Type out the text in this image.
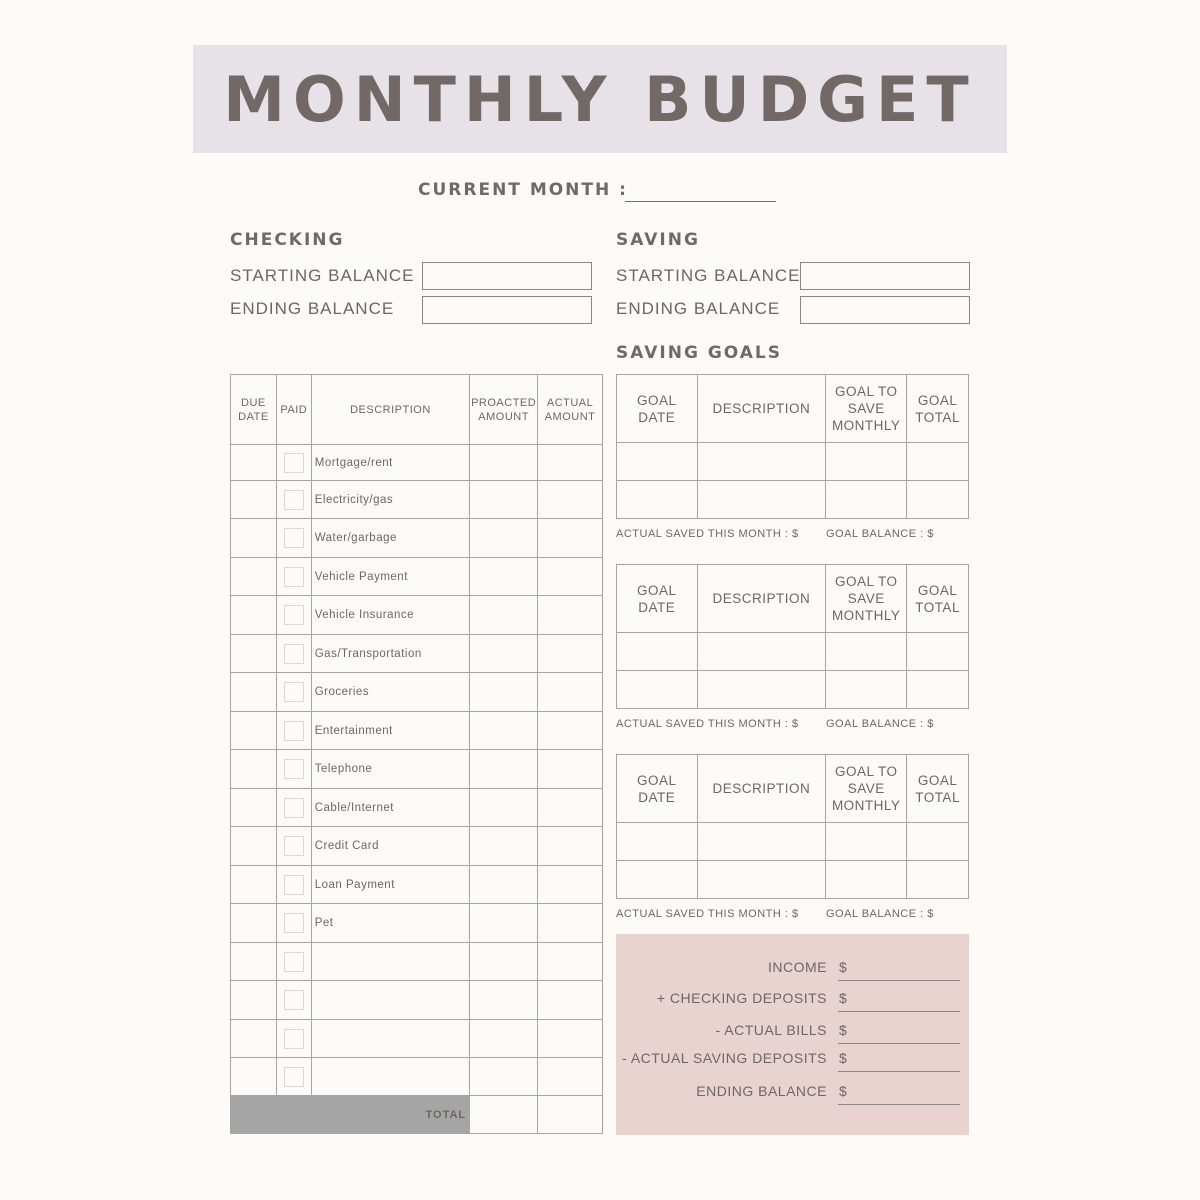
MONTHLY BUDGET
CURRENT MONTH :
CHECKING
STARTING BALANCE
ENDING BALANCE
SAVING
STARTING BALANCE
ENDING BALANCE
SAVING GOALS
DUE DATE	PAID	DESCRIPTION	PROACTED AMOUNT	ACTUAL AMOUNT
		Mortgage/rent		
		Electricity/gas		
		Water/garbage		
		Vehicle Payment		
		Vehicle Insurance		
		Gas/Transportation		
		Groceries		
		Entertainment		
		Telephone		
		Cable/Internet		
		Credit Card		
		Loan Payment		
		Pet		

TOTAL				
GOAL DATE	DESCRIPTION	GOAL TO SAVE MONTHLY	GOAL TOTAL

ACTUAL SAVED THIS MONTH : $ GOAL BALANCE : $
GOAL DATE	DESCRIPTION	GOAL TO SAVE MONTHLY	GOAL TOTAL

ACTUAL SAVED THIS MONTH : $ GOAL BALANCE : $
GOAL DATE	DESCRIPTION	GOAL TO SAVE MONTHLY	GOAL TOTAL

ACTUAL SAVED THIS MONTH : $ GOAL BALANCE : $
INCOME $
+ CHECKING DEPOSITS $
- ACTUAL BILLS $
- ACTUAL SAVING DEPOSITS $
ENDING BALANCE $
